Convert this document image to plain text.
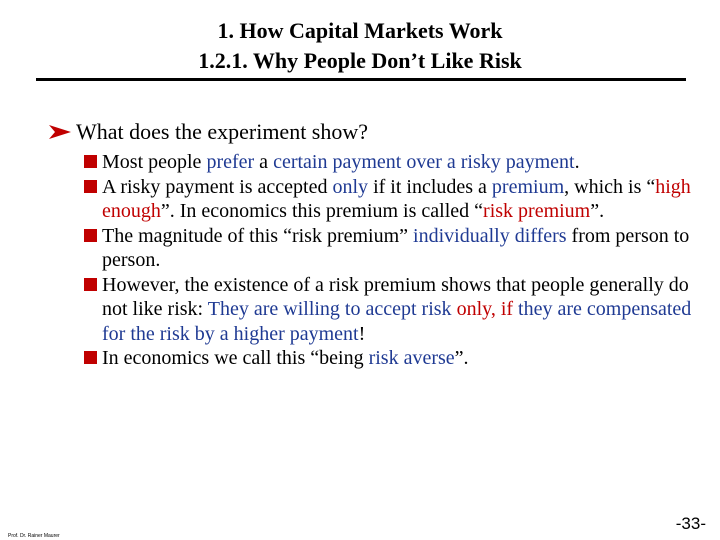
1. How Capital Markets Work
1.2.1. Why People Don’t Like Risk
What does the experiment show?
Most people prefer a certain payment over a risky payment.
A risky payment is accepted only if it includes a premium, which is “high enough”. In economics this premium is called “risk premium”.
The magnitude of this “risk premium” individually differs from person to person.
However, the existence of a risk premium shows that people generally do not like risk: They are willing to accept risk only, if they are compensated for the risk by a higher payment!
In economics we call this “being risk averse”.
Prof. Dr. Rainer Maurer
-33-
